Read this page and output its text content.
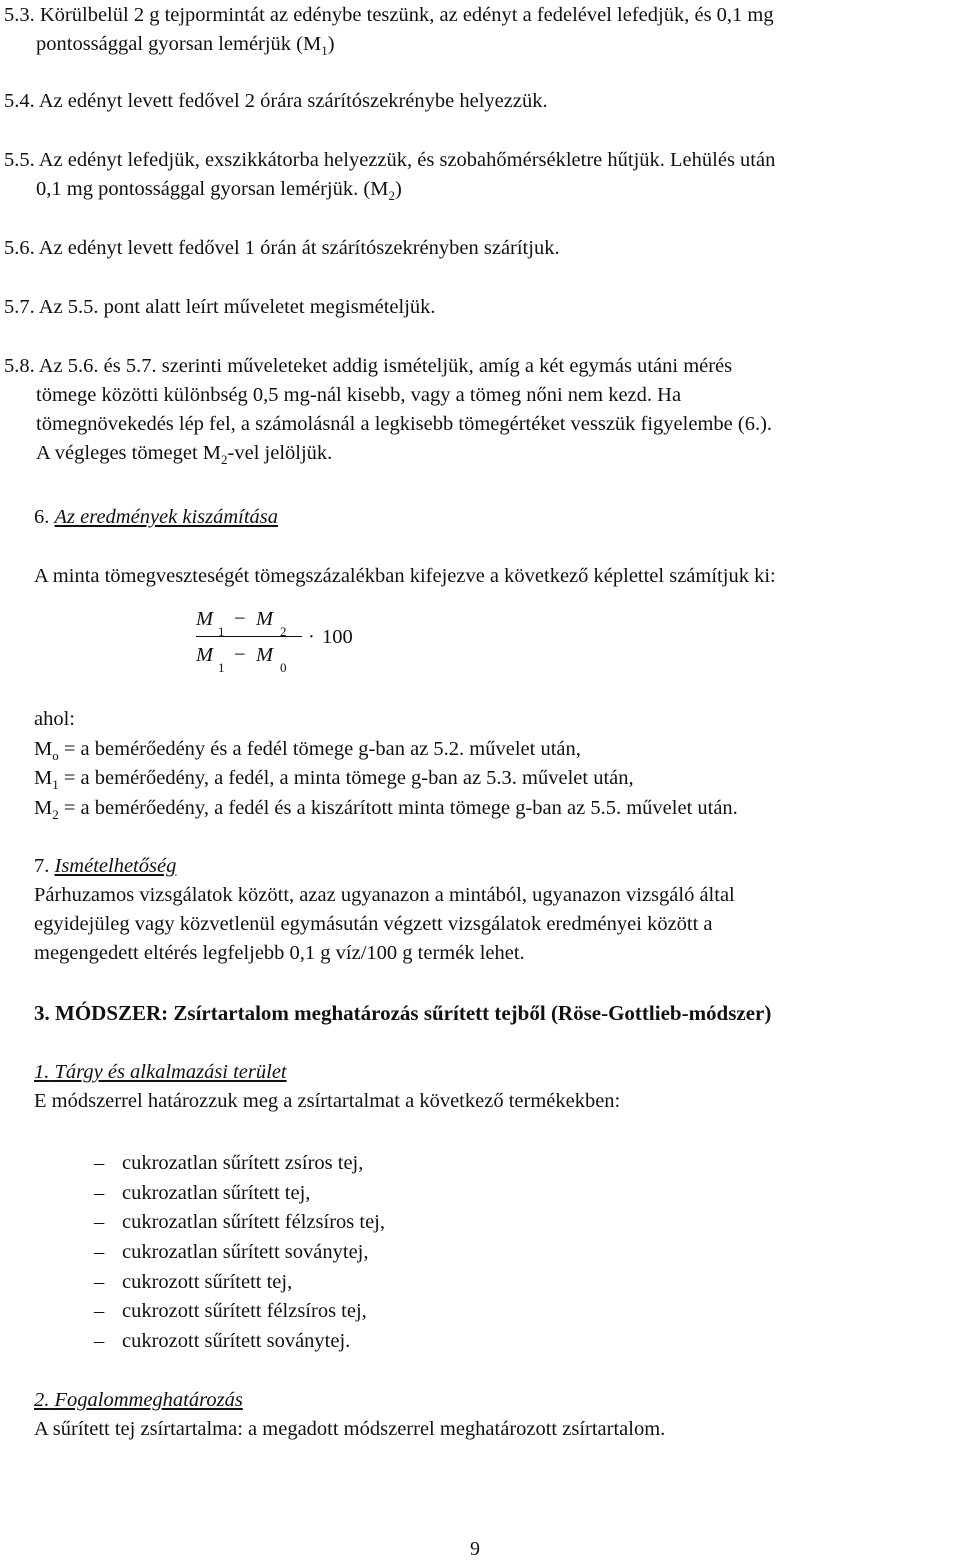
5.3. Körülbelül 2 g tejpormintát az edénybe teszünk, az edényt a fedelével lefedjük, és 0,1 mg
pontossággal gyorsan lemérjük $(M_1)$
5.4. Az edényt levett fedővel 2 órára szárítószekrénybe helyezzük.
5.5. Az edényt lefedjük, exszikkátorba helyezzük, és szobahőmérsékletre hűtjük. Lehülés után
0,1 mg pontossággal gyorsan lemérjük. $(M_2)$
5.6. Az edényt levett fedővel 1 órán át szárítószekrényben szárítjuk.
5.7. Az 5.5. pont alatt leírt műveletet megismételjük.
5.8. Az 5.6. és 5.7. szerinti műveleteket addig ismételjük, amíg a két egymás utáni mérés
tömege közötti különbség 0,5 mg-nál kisebb, vagy a tömeg nőni nem kezd. Ha
tömegnövekedés lép fel, a számolásnál a legkisebb tömegértéket vesszük figyelembe (6.).
A végleges tömeget $M_2$-vel jelöljük.
6. Az eredmények kiszámítása
A minta tömegveszteségét tömegszázalékban kifejezve a következő képlettel számítjuk ki:
M
1
− M
2 · 100
M
1
− M
0
ahol:
$M_o = a$ bemérőedény és a fedél tömege g-ban az 5.2. művelet után,
$M_1 = a$ bemérőedény, a fedél, a minta tömege g-ban az 5.3. művelet után,
$M_2 = a$ bemérőedény, a fedél és a kiszárított minta tömege g-ban az 5.5. művelet után.
7. Ismételhetőség
Párhuzamos vizsgálatok között, azaz ugyanazon a mintából, ugyanazon vizsgáló által
egyidejüleg vagy közvetlenül egymásután végzett vizsgálatok eredményei között a
megengedett eltérés legfeljebb 0,1 g víz/100 g termék lehet.
3. MÓDSZER: Zsírtartalom meghatározás sűrített tejből (Röse-Gottlieb-módszer)
1. Tárgy és alkalmazási terület
E módszerrel határozzuk meg a zsírtartalmat a következő termékekben:
– cukrozatlan sűrített zsíros tej,
– cukrozatlan sűrített tej,
– cukrozatlan sűrített félzsíros tej,
– cukrozatlan sűrített soványtej,
– cukrozott sűrített tej,
– cukrozott sűrített félzsíros tej,
– cukrozott sűrített soványtej.
2. Fogalommeghatározás
A sűrített tej zsírtartalma: a megadott módszerrel meghatározott zsírtartalom.
9
